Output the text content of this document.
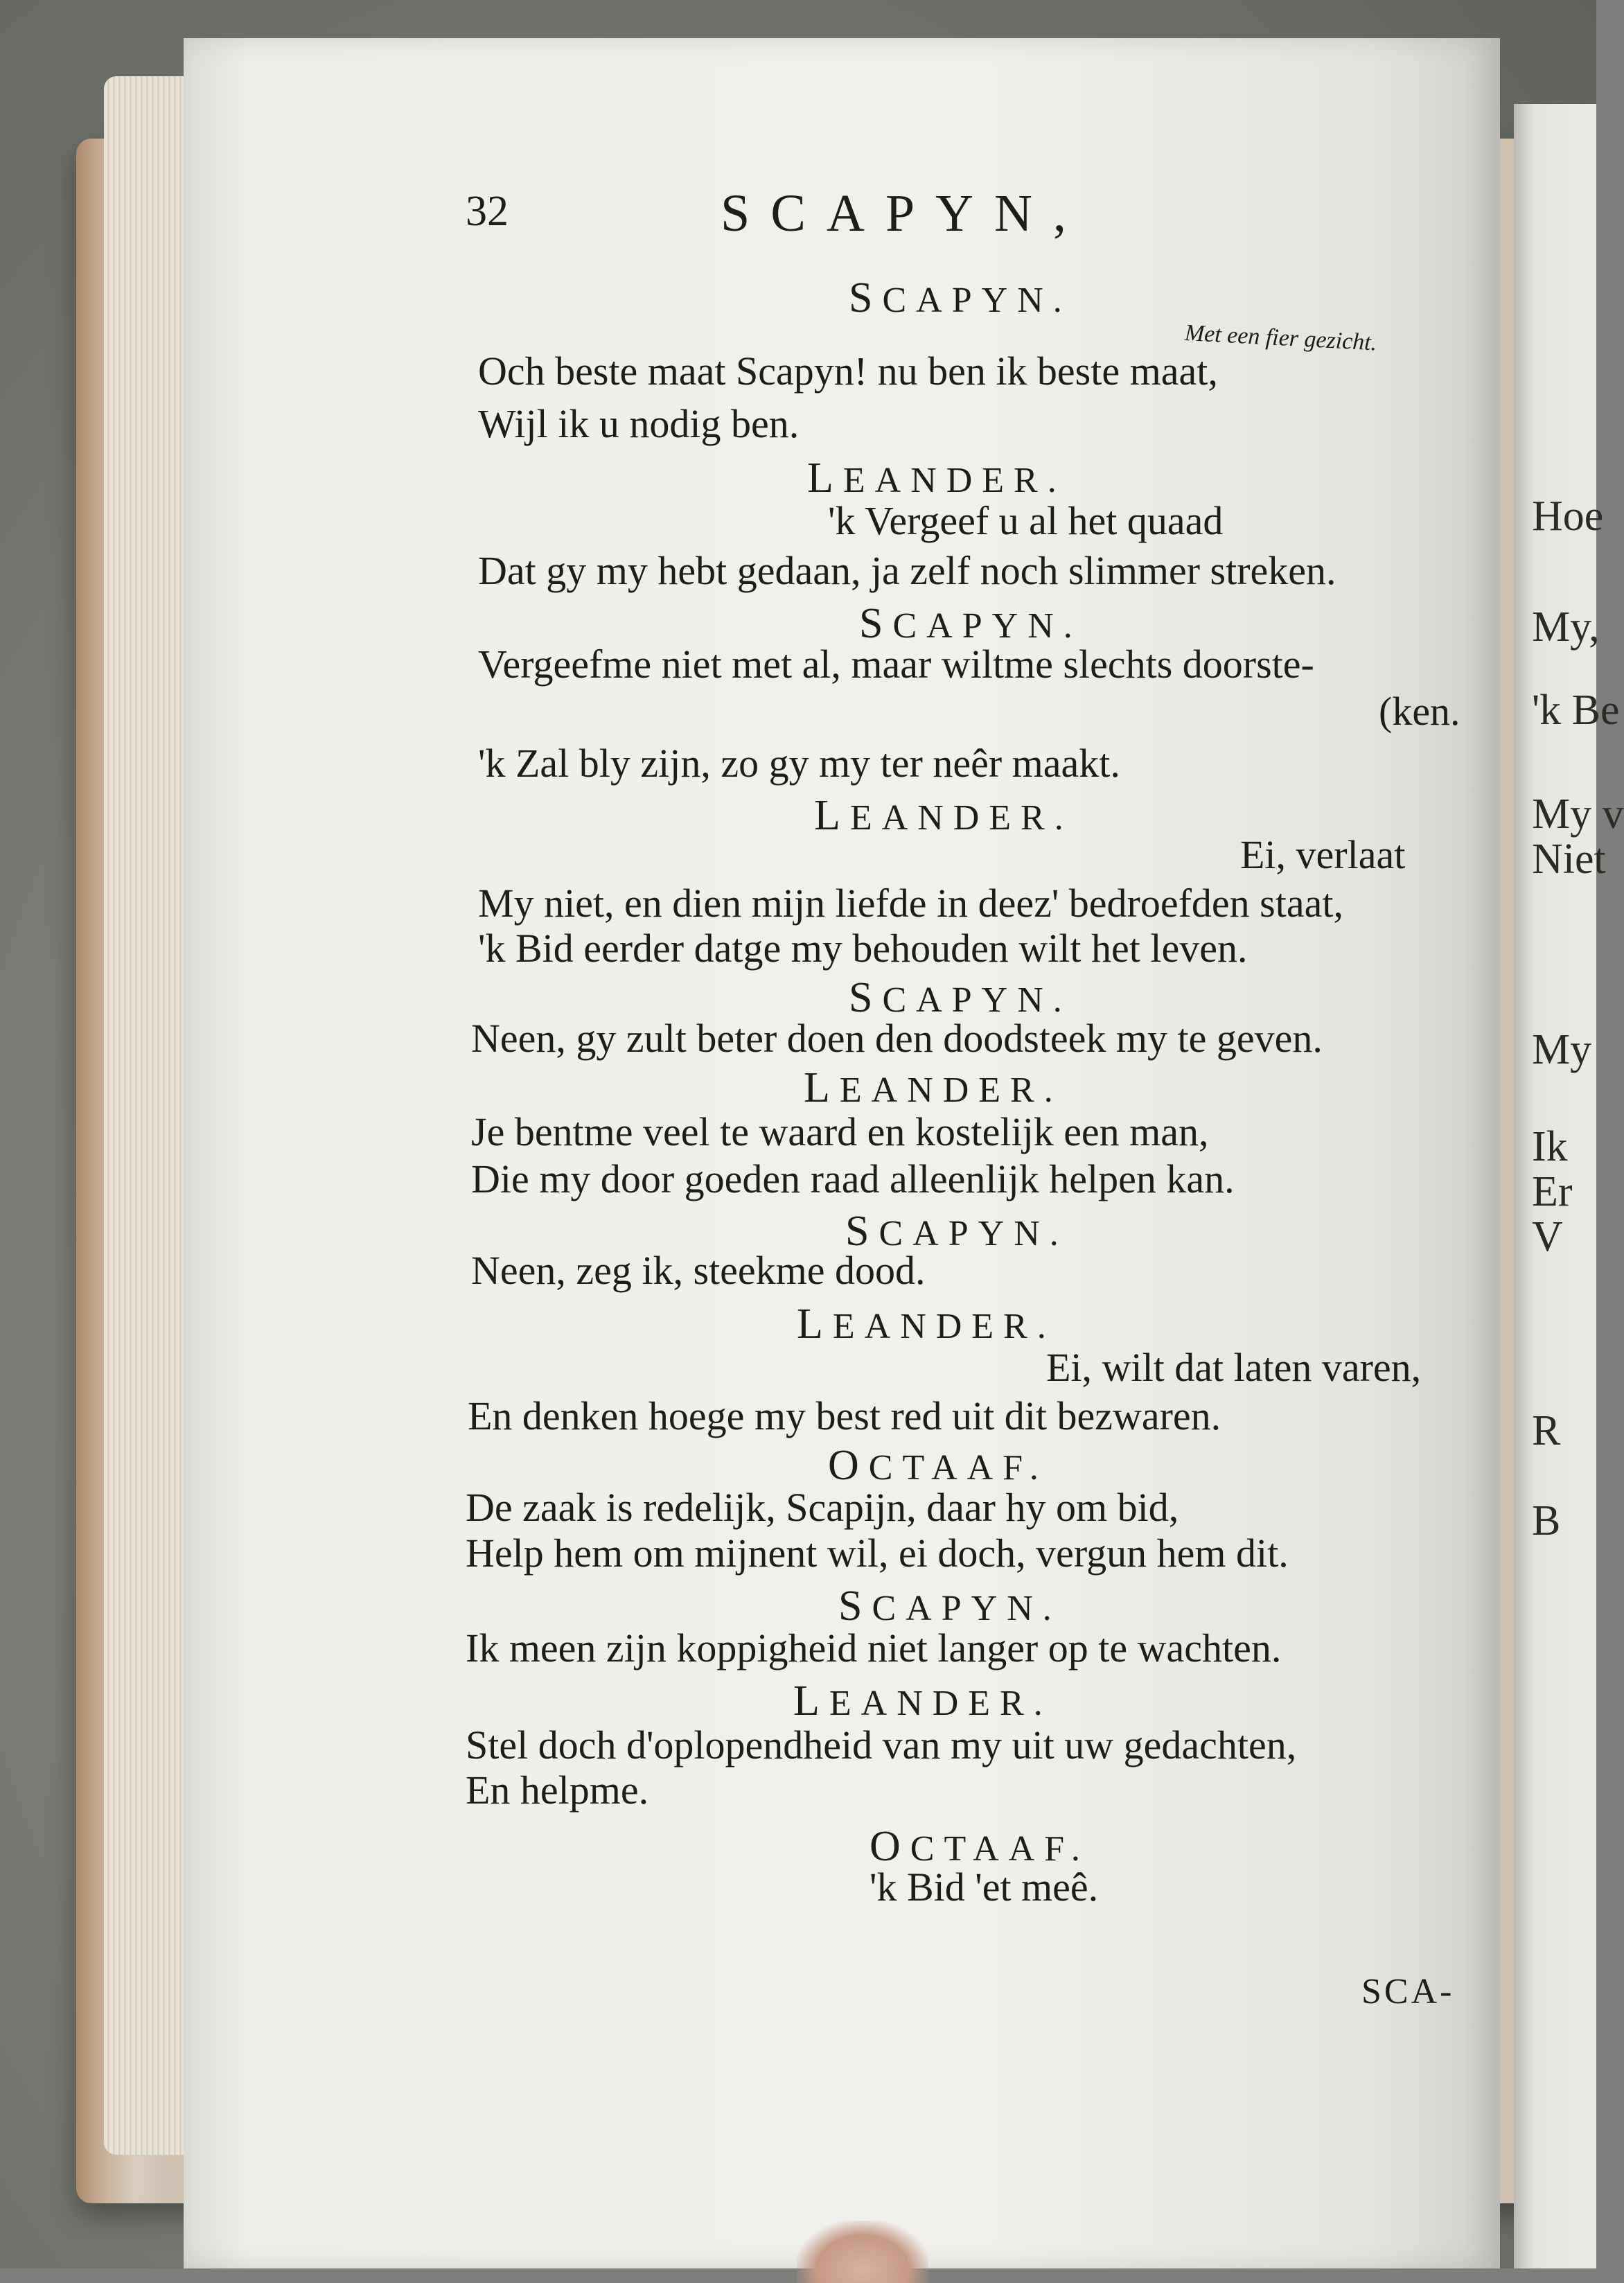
Hoe
My,
'k Be
My v
Niet
My
Ik
Er
V
R
B
32	SCAPYN,
SCAPYN.
Met een fier gezicht.
Och beste maat Scapyn! nu ben ik beste maat,
Wijl ik u nodig ben.
LEANDER.
'k Vergeef u al het quaad
Dat gy my hebt gedaan, ja zelf noch slimmer streken.
SCAPYN.
Vergeefme niet met al, maar wiltme slechts doorste-
(ken.
'k Zal bly zijn, zo gy my ter neêr maakt.
LEANDER.
Ei, verlaat
My niet, en dien mijn liefde in deez' bedroefden staat,
'k Bid eerder datge my behouden wilt het leven.
SCAPYN.
Neen, gy zult beter doen den doodsteek my te geven.
LEANDER.
Je bentme veel te waard en kostelijk een man,
Die my door goeden raad alleenlijk helpen kan.
SCAPYN.
Neen, zeg ik, steekme dood.
LEANDER.
Ei, wilt dat laten varen,
En denken hoege my best red uit dit bezwaren.
OCTAAF.
De zaak is redelijk, Scapijn, daar hy om bid,
Help hem om mijnent wil, ei doch, vergun hem dit.
SCAPYN.
Ik meen zijn koppigheid niet langer op te wachten.
LEANDER.
Stel doch d'oplopendheid van my uit uw gedachten,
En helpme.
OCTAAF.
'k Bid 'et meê.
SCA-
